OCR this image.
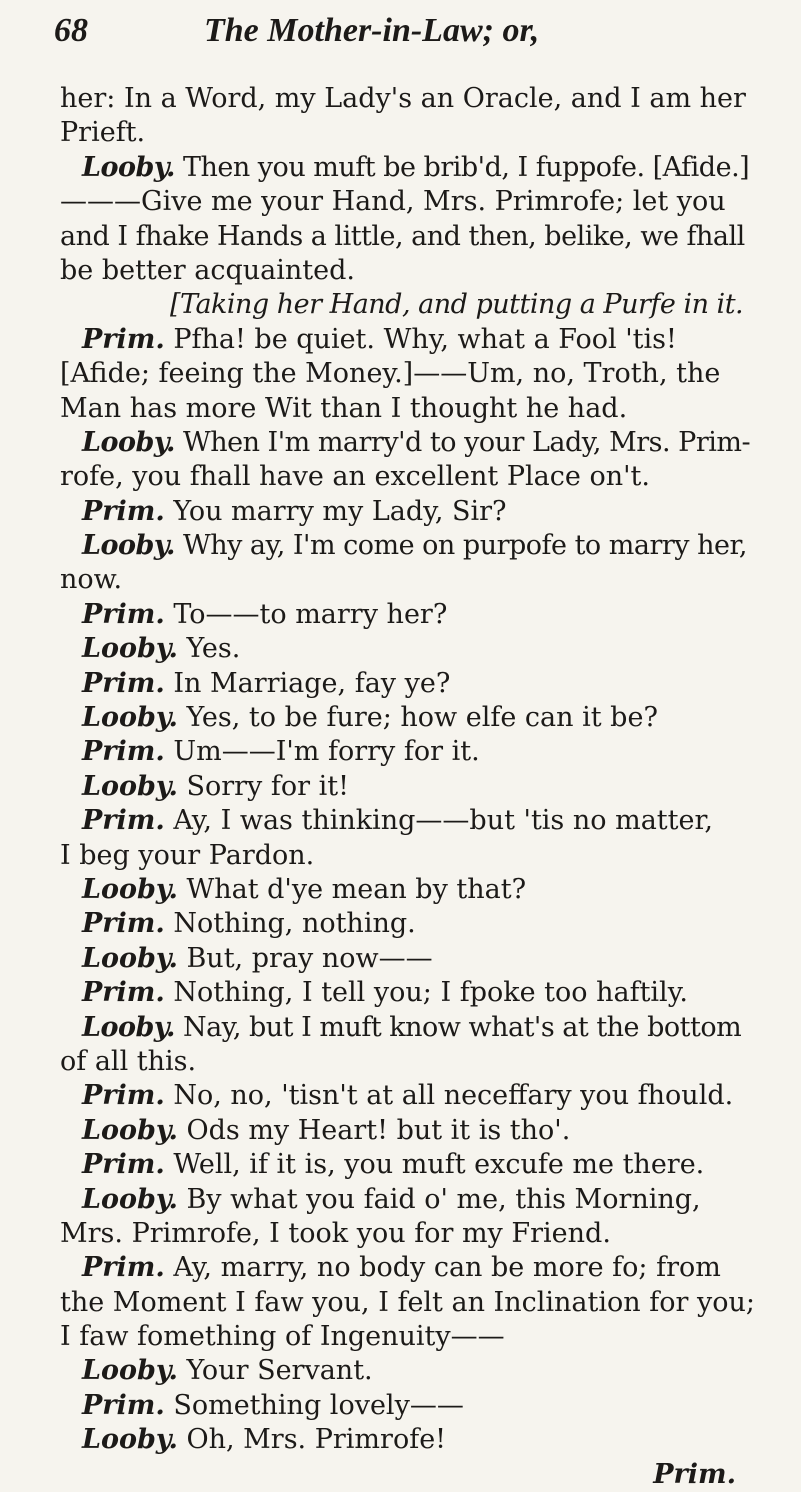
68	The Mother-in-Law; or,
her: In a Word, my Lady's an Oracle, and I am her
Prieft.
Looby. Then you muft be brib'd, I fuppofe. [Afide.]
———Give me your Hand, Mrs. Primrofe; let you
and I fhake Hands a little, and then, belike, we fhall
be better acquainted.
[Taking her Hand, and putting a Purfe in it.
Prim. Pfha! be quiet. Why, what a Fool 'tis!
[Afide; feeing the Money.]——Um, no, Troth, the
Man has more Wit than I thought he had.
Looby. When I'm marry'd to your Lady, Mrs. Prim-
rofe, you fhall have an excellent Place on't.
Prim. You marry my Lady, Sir?
Looby. Why ay, I'm come on purpofe to marry her,
now.
Prim. To——to marry her?
Looby. Yes.
Prim. In Marriage, fay ye?
Looby. Yes, to be fure; how elfe can it be?
Prim. Um——I'm forry for it.
Looby. Sorry for it!
Prim. Ay, I was thinking——but 'tis no matter,
I beg your Pardon.
Looby. What d'ye mean by that?
Prim. Nothing, nothing.
Looby. But, pray now——
Prim. Nothing, I tell you; I fpoke too haftily.
Looby. Nay, but I muft know what's at the bottom
of all this.
Prim. No, no, 'tisn't at all neceffary you fhould.
Looby. Ods my Heart! but it is tho'.
Prim. Well, if it is, you muft excufe me there.
Looby. By what you faid o' me, this Morning,
Mrs. Primrofe, I took you for my Friend.
Prim. Ay, marry, no body can be more fo; from
the Moment I faw you, I felt an Inclination for you;
I faw fomething of Ingenuity——
Looby. Your Servant.
Prim. Something lovely——
Looby. Oh, Mrs. Primrofe!
Prim.
